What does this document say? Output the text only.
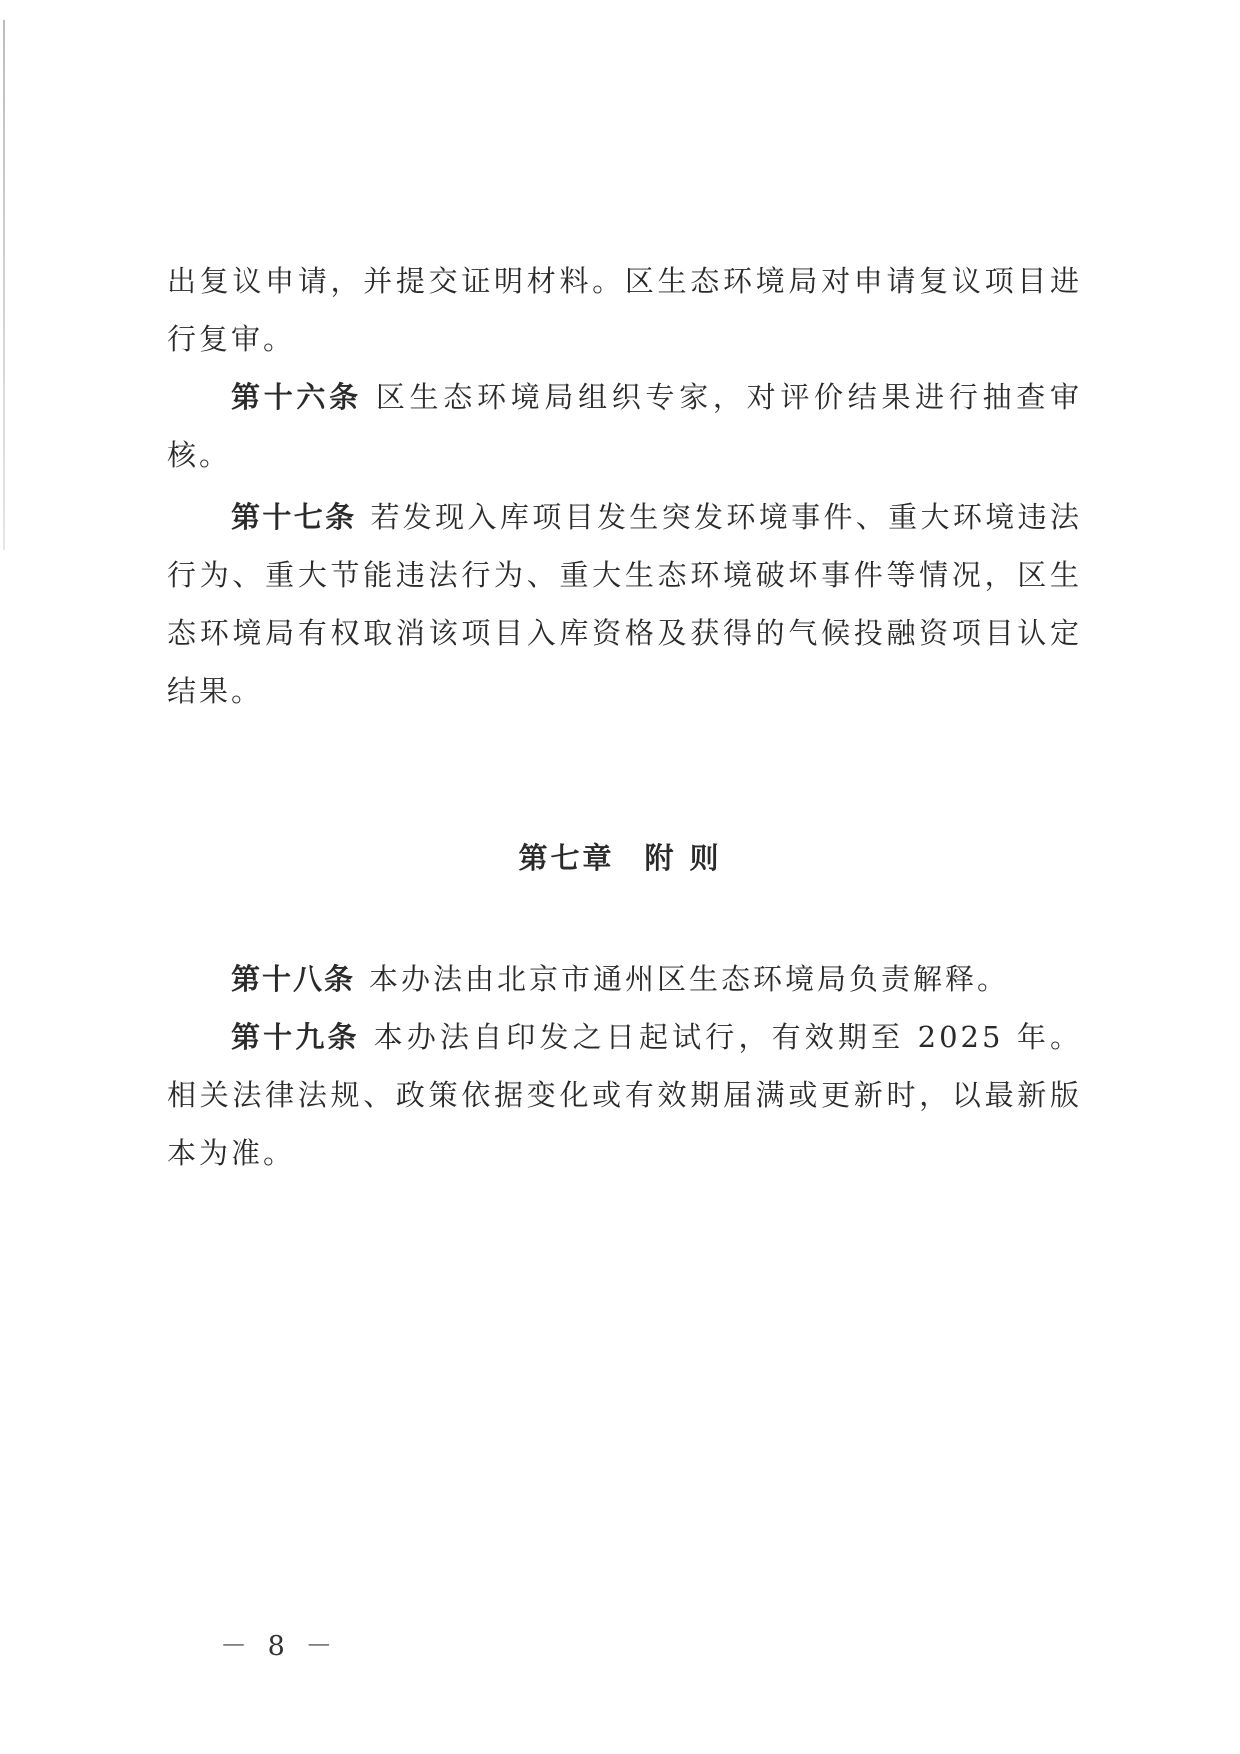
出复议申请，并提交证明材料。区生态环境局对申请复议项目进行复审。

第十六条 区生态环境局组织专家，对评价结果进行抽查审核。

第十七条 若发现入库项目发生突发环境事件、重大环境违法行为、重大节能违法行为、重大生态环境破坏事件等情况，区生态环境局有权取消该项目入库资格及获得的气候投融资项目认定结果。

第七章 附 则

第十八条 本办法由北京市通州区生态环境局负责解释。

第十九条 本办法自印发之日起试行，有效期至 2025 年。相关法律法规、政策依据变化或有效期届满或更新时，以最新版本为准。

－ 8 －
